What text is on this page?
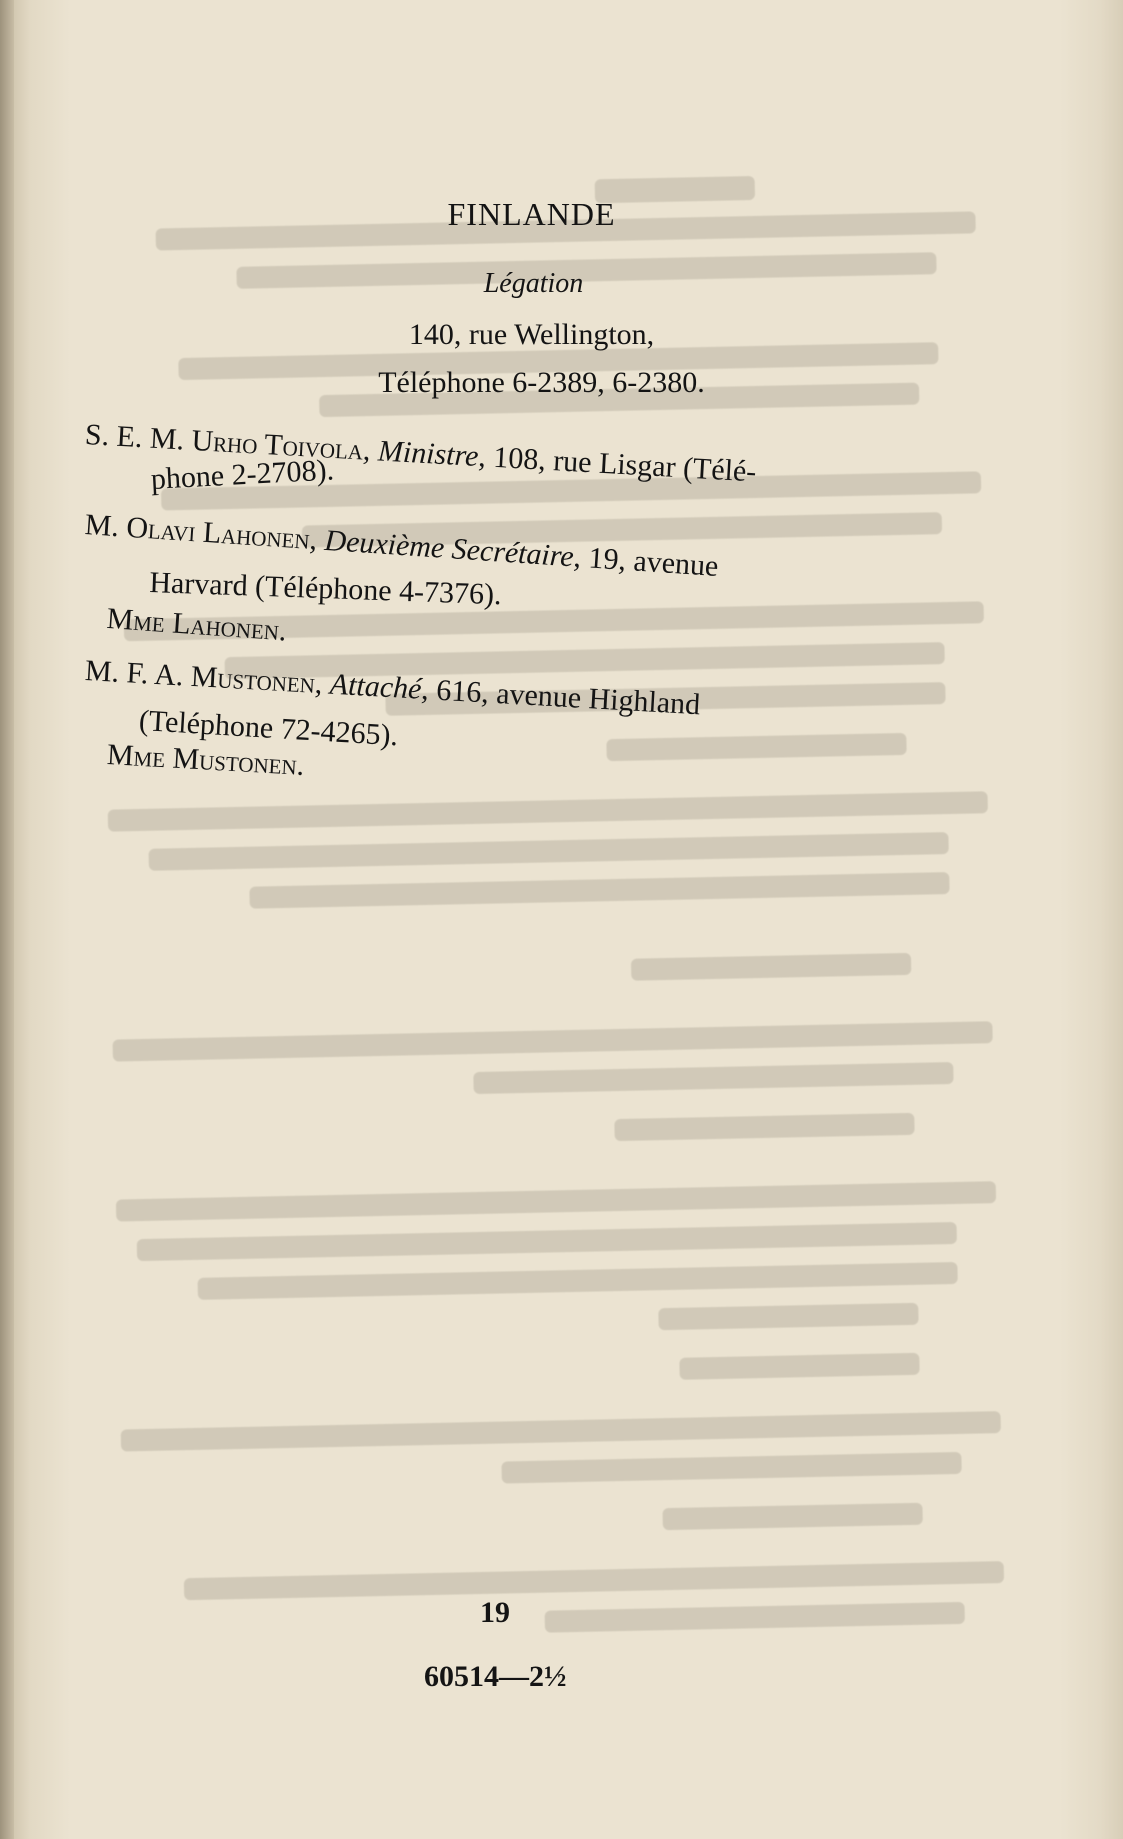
FINLANDE
Légation
140, rue Wellington,
Téléphone 6-2389, 6-2380.
S. E. M. Urho Toivola, Ministre, 108, rue Lisgar (Télé-
phone 2-2708).
M. Olavi Lahonen, Deuxième Secrétaire, 19, avenue
Harvard (Téléphone 4-7376).
Mme Lahonen.
M. F. A. Mustonen, Attaché, 616, avenue Highland
(Teléphone 72-4265).
Mme Mustonen.
19
60514—2½
